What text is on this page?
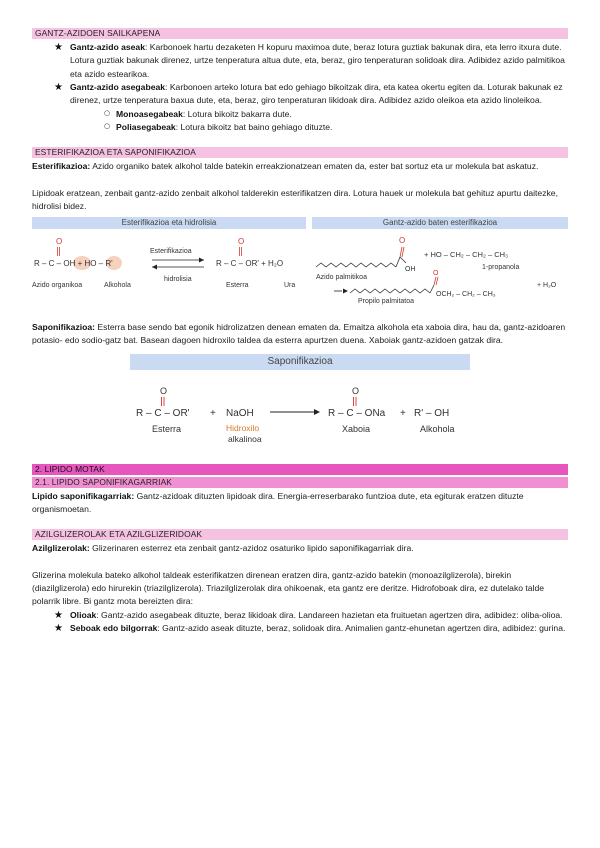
GANTZ-AZIDOEN SAILKAPENA
★ Gantz-azido aseak: Karbonoek hartu dezaketen H kopuru maximoa dute, beraz lotura guztiak bakunak dira, eta lerro itxura dute. Lotura guztiak bakunak direnez, urtze tenperatura altua dute, eta, beraz, giro tenperaturan solidoak dira. Adibidez azido palmitikoa eta azido estearikoa.
★ Gantz-azido asegabeak: Karbonoen arteko lotura bat edo gehiago bikoitzak dira, eta katea okertu egiten da. Loturak bakunak ez direnez, urtze tenperatura baxua dute, eta, beraz, giro tenperaturan likidoak dira. Adibidez azido oleikoa eta azido linoleikoa.
○ Monoasegabeak: Lotura bikoitz bakarra dute.
○ Poliasegabeak: Lotura bikoitz bat baino gehiago dituzte.
ESTERIFIKAZIOA ETA SAPONIFIKAZIOA

Esterifikazioa: Azido organiko batek alkohol talde batekin erreakzionatzean ematen da, ester bat sortuz eta ur molekula bat askatuz.

Lipidoak eratzean, zenbait gantz-azido zenbait alkohol talderekin esterifikatzen dira. Lotura hauek ur molekula bat gehituz apurtu daitezke, hidrolisi bidez.

Esterifikazioa eta hidrolisia
O
R – C – OH + HO – R'
Azido organikoa	Alkohola
Esterifikazioa
hidrolisia
O
R – C – OR' + H₂O
Esterra	Ura
Gantz-azido baten esterifikazioa
O
OH
Azido palmitikoa
+ HO – CH₂ – CH₂ – CH₃
1-propanola
O
OCH₂ – CH₂ – CH₃
+ H₂O
Propilo palmitatoa

Saponifikazioa: Esterra base sendo bat egonik hidrolizatzen denean ematen da. Emaitza alkohola eta xaboia dira, hau da, gantz-azidoaren potasio- edo sodio-gatz bat. Basean dagoen hidroxilo taldea da esterra apurtzen duena. Xaboiak gantz-azidoen gatzak dira.

Saponifikazioa
O
R – C – OR' + NaOH
O
R – C – ONa + R' – OH
Esterra	Hidroxilo
alkalinoa
Xaboia	Alkohola
2. LIPIDO MOTAK
2.1. LIPIDO SAPONIFIKAGARRIAK

Lipido saponifikagarriak: Gantz-azidoak dituzten lipidoak dira. Energia-erreserbarako funtzioa dute, eta egiturak eratzen dituzte organismoetan.

AZILGLIZEROLAK ETA AZILGLIZERIDOAK

Azilglizerolak: Glizerinaren esterrez eta zenbait gantz-azidoz osaturiko lipido saponifikagarriak dira.

Glizerina molekula bateko alkohol taldeak esterifikatzen direnean eratzen dira, gantz-azido batekin (monoazilglizerola), birekin (diazilglizerola) edo hirurekin (triazilglizerola). Triazilglizerolak dira ohikoenak, eta gantz ere deritze. Hidrofoboak dira, ez dutelako talde polarrik libre. Bi gantz mota bereizten dira:

★ Olioak: Gantz-azido asegabeak dituzte, beraz likidoak dira. Landareen hazietan eta fruituetan agertzen dira, adibidez: oliba-olioa.
★ Seboak edo bilgorrak: Gantz-azido aseak dituzte, beraz, solidoak dira. Animalien gantz-ehunetan agertzen dira, adibidez: gurina.
